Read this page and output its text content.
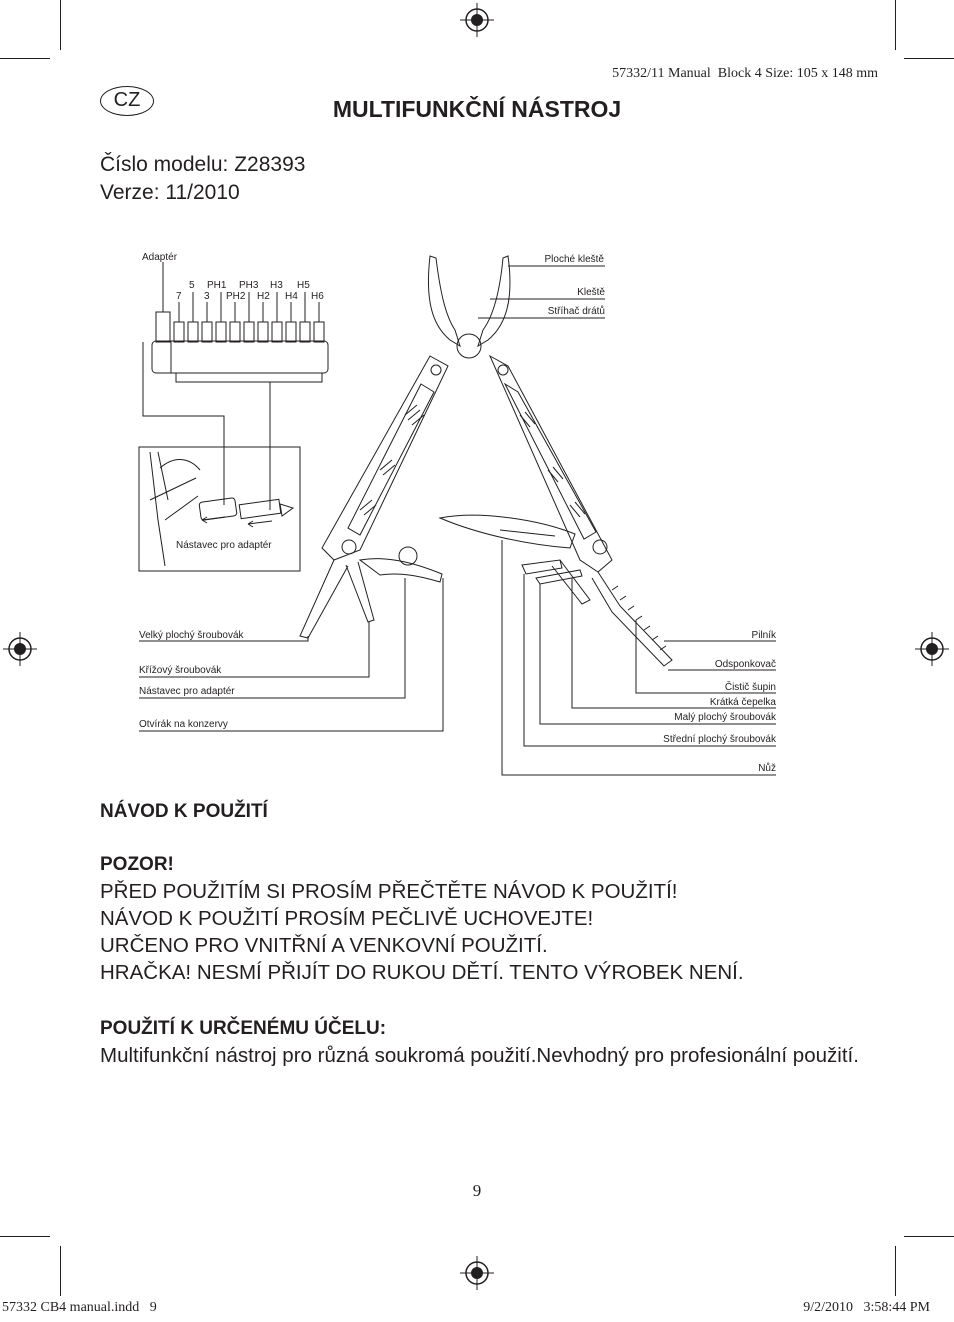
57332/11 Manual  Block 4 Size: 105 x 148 mm
CZ	MULTIFUNKČNÍ NÁSTROJ
Číslo modelu: Z28393
Verze: 11/2010
Adaptér
5 PH1 PH3 H3 H5
7 3 PH2 H2 H4 H6
Nástavec pro adaptér
Ploché kleště
Kleště
Stříhač drátů
Velký plochý šroubovák
Křížový šroubovák
Nástavec pro adaptér
Otvírák na konzervy
Pilník
Odsponkovač
Čistič šupin
Krátká čepelka
Malý plochý šroubovák
Střední plochý šroubovák
Nůž
NÁVOD K POUŽITÍ
POZOR!
PŘED POUŽITÍM SI PROSÍM PŘEČTĚTE NÁVOD K POUŽITÍ!
NÁVOD K POUŽITÍ PROSÍM PEČLIVĚ UCHOVEJTE!
URČENO PRO VNITŘNÍ A VENKOVNÍ POUŽITÍ.
HRAČKA! NESMÍ PŘIJÍT DO RUKOU DĚTÍ. TENTO VÝROBEK NENÍ.
POUŽITÍ K URČENÉMU ÚČELU:
Multifunkční nástroj pro různá soukromá použití.Nevhodný pro profesionální použití.
9
57332 CB4 manual.indd   9	9/2/2010   3:58:44 PM
